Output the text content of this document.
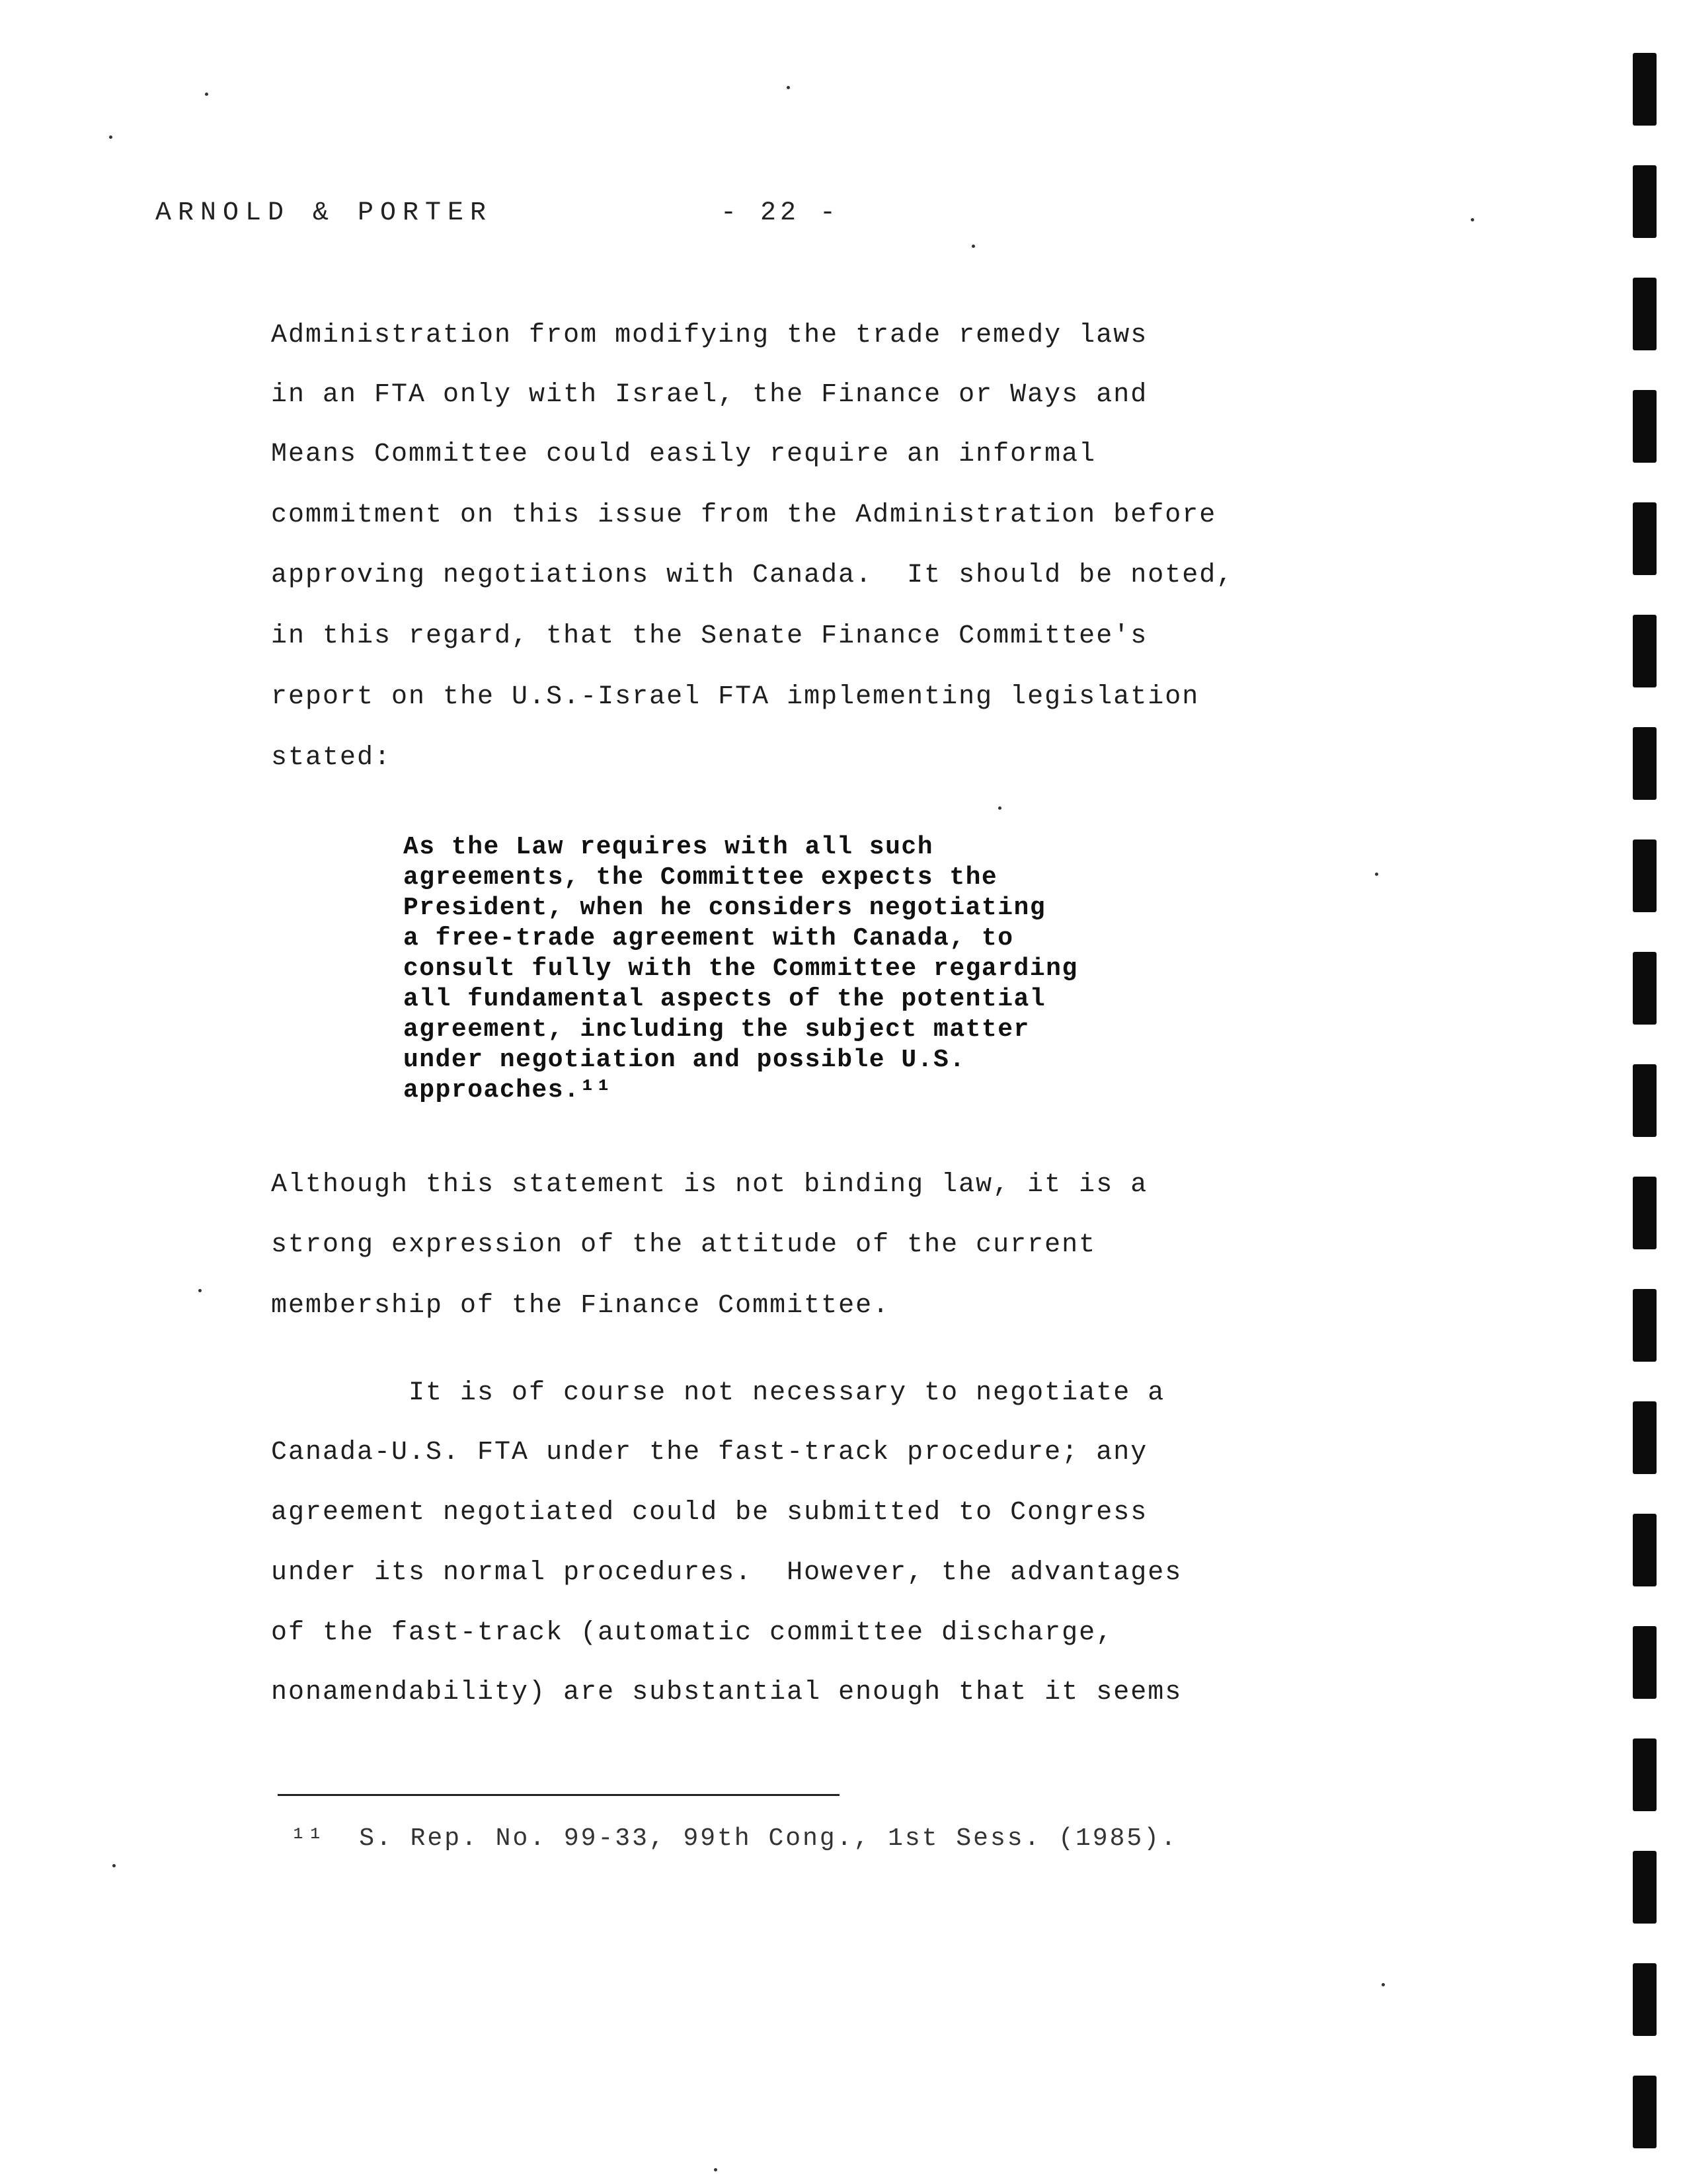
ARNOLD & PORTER	- 22 -
Administration from modifying the trade remedy laws
in an FTA only with Israel, the Finance or Ways and
Means Committee could easily require an informal
commitment on this issue from the Administration before
approving negotiations with Canada.  It should be noted,
in this regard, that the Senate Finance Committee's
report on the U.S.-Israel FTA implementing legislation
stated:
As the Law requires with all such
agreements, the Committee expects the
President, when he considers negotiating
a free-trade agreement with Canada, to
consult fully with the Committee regarding
all fundamental aspects of the potential
agreement, including the subject matter
under negotiation and possible U.S.
approaches.¹¹
Although this statement is not binding law, it is a
strong expression of the attitude of the current
membership of the Finance Committee.
It is of course not necessary to negotiate a
Canada-U.S. FTA under the fast-track procedure; any
agreement negotiated could be submitted to Congress
under its normal procedures.  However, the advantages
of the fast-track (automatic committee discharge,
nonamendability) are substantial enough that it seems
¹¹  S. Rep. No. 99-33, 99th Cong., 1st Sess. (1985).
